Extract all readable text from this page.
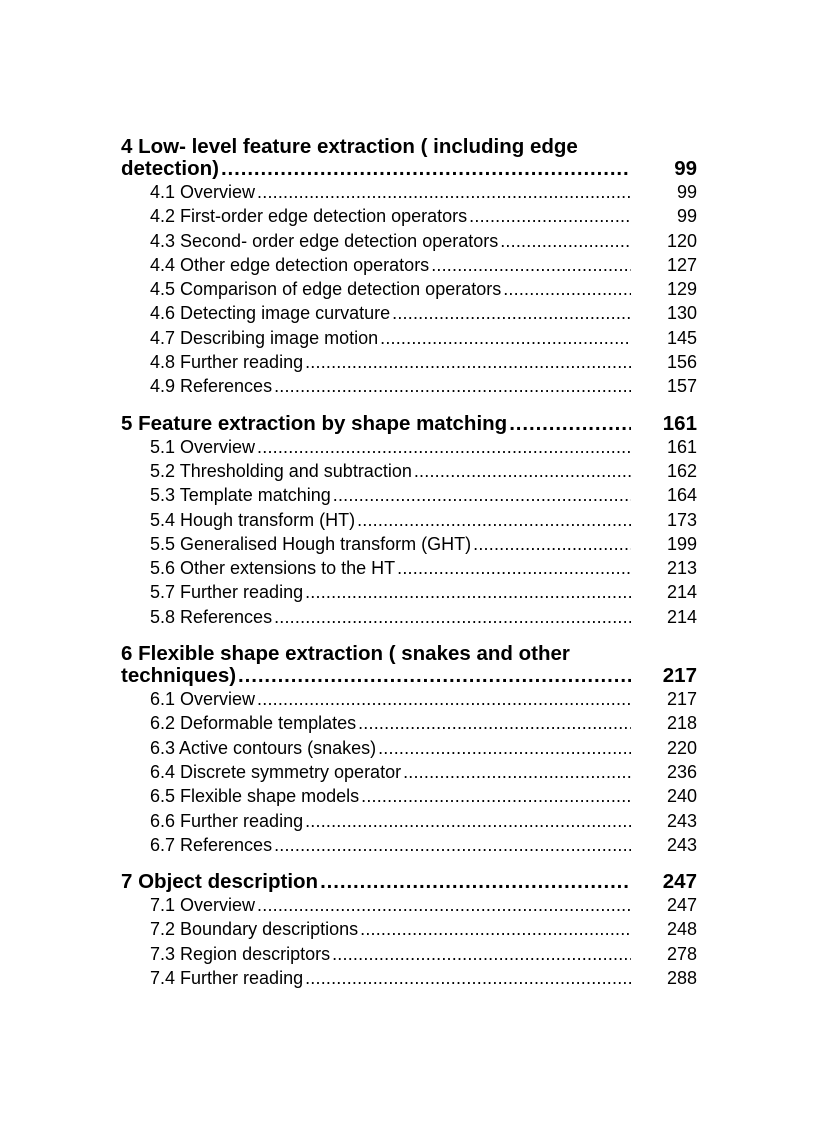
4 Low- level feature extraction ( including edge
detection) . . .	99
4.1 Overview . . .	99
4.2 First-order edge detection operators . . .	99
4.3 Second- order edge detection operators . . .	120
4.4 Other edge detection operators . . .	127
4.5 Comparison of edge detection operators . . .	129
4.6 Detecting image curvature . . .	130
4.7 Describing image motion . . .	145
4.8 Further reading . . .	156
4.9 References . . .	157
5 Feature extraction by shape matching . . .	161
5.1 Overview . . .	161
5.2 Thresholding and subtraction . . .	162
5.3 Template matching . . .	164
5.4 Hough transform (HT) . . .	173
5.5 Generalised Hough transform (GHT) . . .	199
5.6 Other extensions to the HT . . .	213
5.7 Further reading . . .	214
5.8 References . . .	214
6 Flexible shape extraction ( snakes and other
techniques) . . .	217
6.1 Overview . . .	217
6.2 Deformable templates . . .	218
6.3 Active contours (snakes) . . .	220
6.4 Discrete symmetry operator . . .	236
6.5 Flexible shape models . . .	240
6.6 Further reading . . .	243
6.7 References . . .	243
7 Object description . . .	247
7.1 Overview . . .	247
7.2 Boundary descriptions . . .	248
7.3 Region descriptors . . .	278
7.4 Further reading . . .	288
